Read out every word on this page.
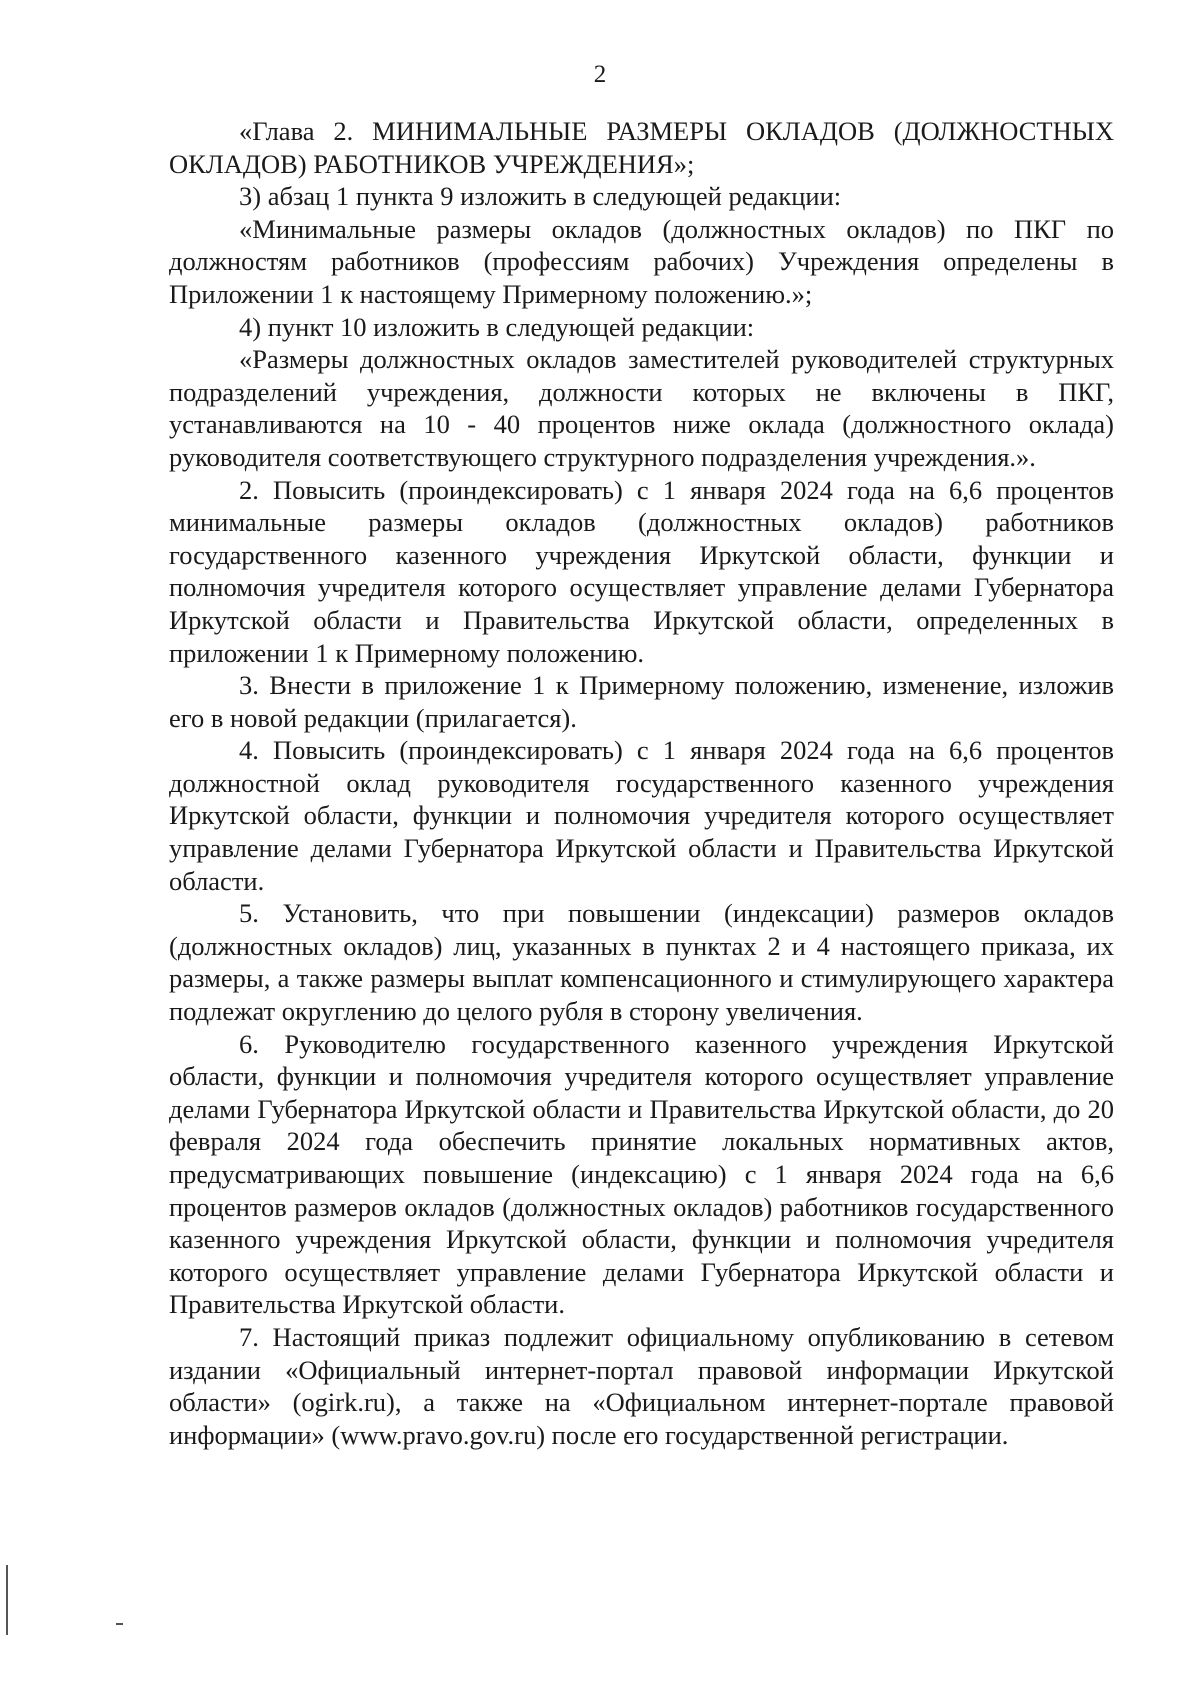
2

«Глава 2. МИНИМАЛЬНЫЕ РАЗМЕРЫ ОКЛАДОВ (ДОЛЖНОСТНЫХ ОКЛАДОВ) РАБОТНИКОВ УЧРЕЖДЕНИЯ»;

3) абзац 1 пункта 9 изложить в следующей редакции:

«Минимальные размеры окладов (должностных окладов) по ПКГ по должностям работников (профессиям рабочих) Учреждения определены в Приложении 1 к настоящему Примерному положению.»;

4) пункт 10 изложить в следующей редакции:

«Размеры должностных окладов заместителей руководителей структурных подразделений учреждения, должности которых не включены в ПКГ, устанавливаются на 10 - 40 процентов ниже оклада (должностного оклада) руководителя соответствующего структурного подразделения учреждения.».

2. Повысить (проиндексировать) с 1 января 2024 года на 6,6 процентов минимальные размеры окладов (должностных окладов) работников государственного казенного учреждения Иркутской области, функции и полномочия учредителя которого осуществляет управление делами Губернатора Иркутской области и Правительства Иркутской области, определенных в приложении 1 к Примерному положению.

3. Внести в приложение 1 к Примерному положению, изменение, изложив его в новой редакции (прилагается).

4. Повысить (проиндексировать) с 1 января 2024 года на 6,6 процентов должностной оклад руководителя государственного казенного учреждения Иркутской области, функции и полномочия учредителя которого осуществляет управление делами Губернатора Иркутской области и Правительства Иркутской области.

5. Установить, что при повышении (индексации) размеров окладов (должностных окладов) лиц, указанных в пунктах 2 и 4 настоящего приказа, их размеры, а также размеры выплат компенсационного и стимулирующего характера подлежат округлению до целого рубля в сторону увеличения.

6. Руководителю государственного казенного учреждения Иркутской области, функции и полномочия учредителя которого осуществляет управление делами Губернатора Иркутской области и Правительства Иркутской области, до 20 февраля 2024 года обеспечить принятие локальных нормативных актов, предусматривающих повышение (индексацию) с 1 января 2024 года на 6,6 процентов размеров окладов (должностных окладов) работников государственного казенного учреждения Иркутской области, функции и полномочия учредителя которого осуществляет управление делами Губернатора Иркутской области и Правительства Иркутской области.

7. Настоящий приказ подлежит официальному опубликованию в сетевом издании «Официальный интернет-портал правовой информации Иркутской области» (ogirk.ru), а также на «Официальном интернет-портале правовой информации» (www.pravo.gov.ru) после его государственной регистрации.
